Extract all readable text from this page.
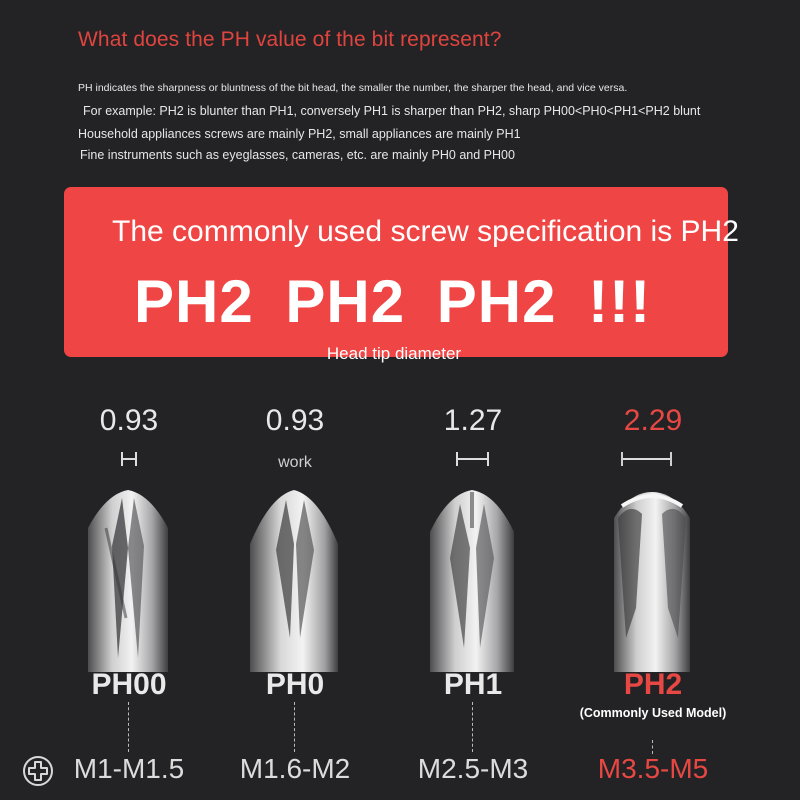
What does the PH value of the bit represent?
PH indicates the sharpness or bluntness of the bit head, the smaller the number, the sharper the head, and vice versa.
For example: PH2 is blunter than PH1, conversely PH1 is sharper than PH2, sharp PH00<PH0<PH1<PH2 blunt
Household appliances screws are mainly PH2, small appliances are mainly PH1
Fine instruments such as eyeglasses, cameras, etc. are mainly PH0 and PH00
The commonly used screw specification is PH2
PH2 PH2 PH2 !!!
Head tip diameter
0.93
PH00
M1-M1.5
0.93
work
PH0
M1.6-M2
1.27
PH1
M2.5-M3
2.29
PH2
(Commonly Used Model)
M3.5-M5
